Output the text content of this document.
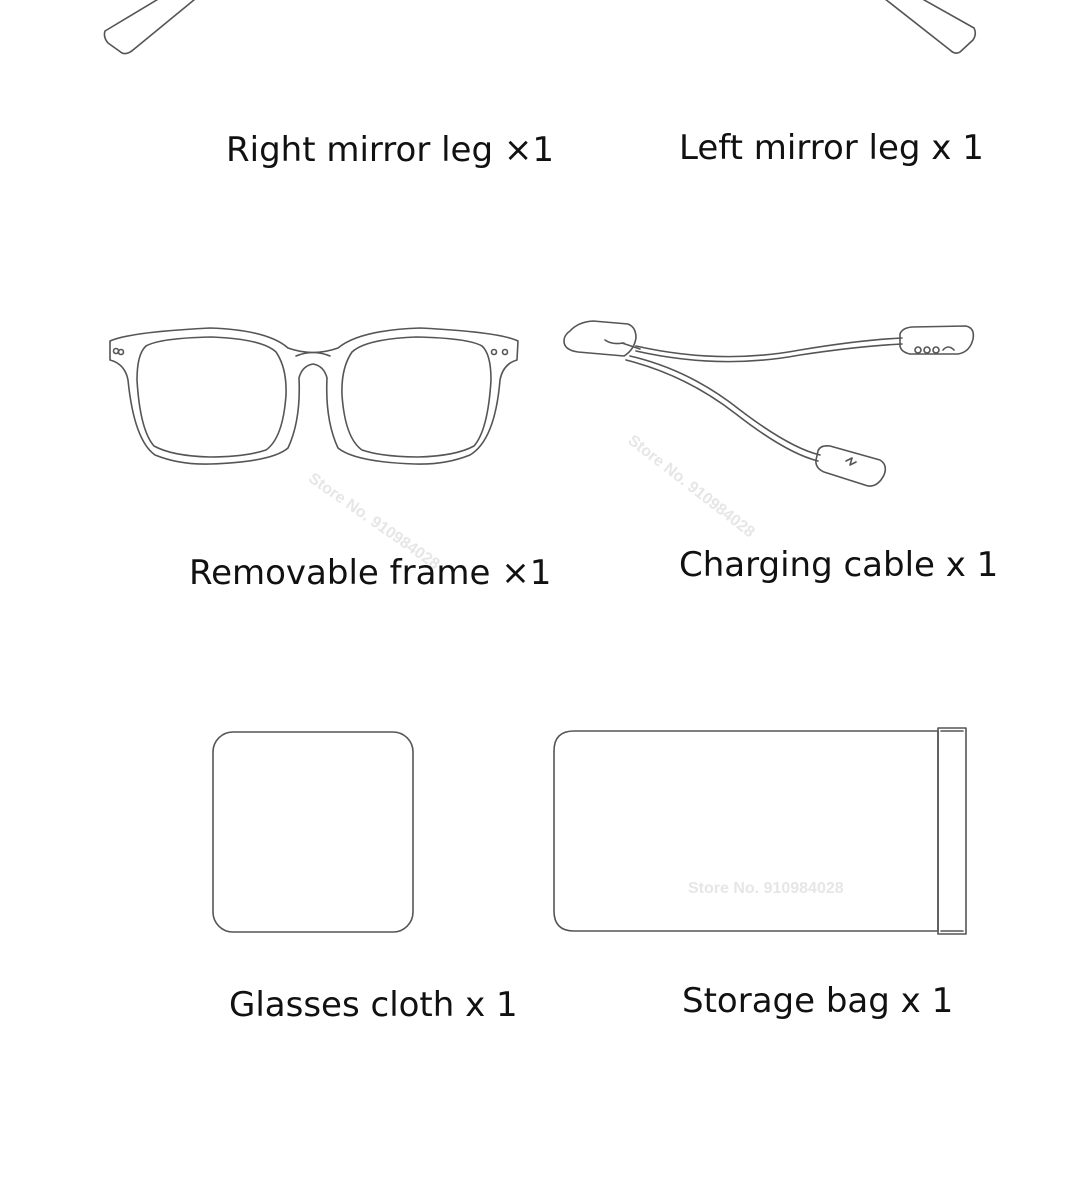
Store No. 910984028	Store No. 910984028
Store No. 910984028
Right mirror leg ×1	Left mirror leg x 1
Removable frame ×1	Charging cable x 1
Glasses cloth x 1	Storage bag x 1
